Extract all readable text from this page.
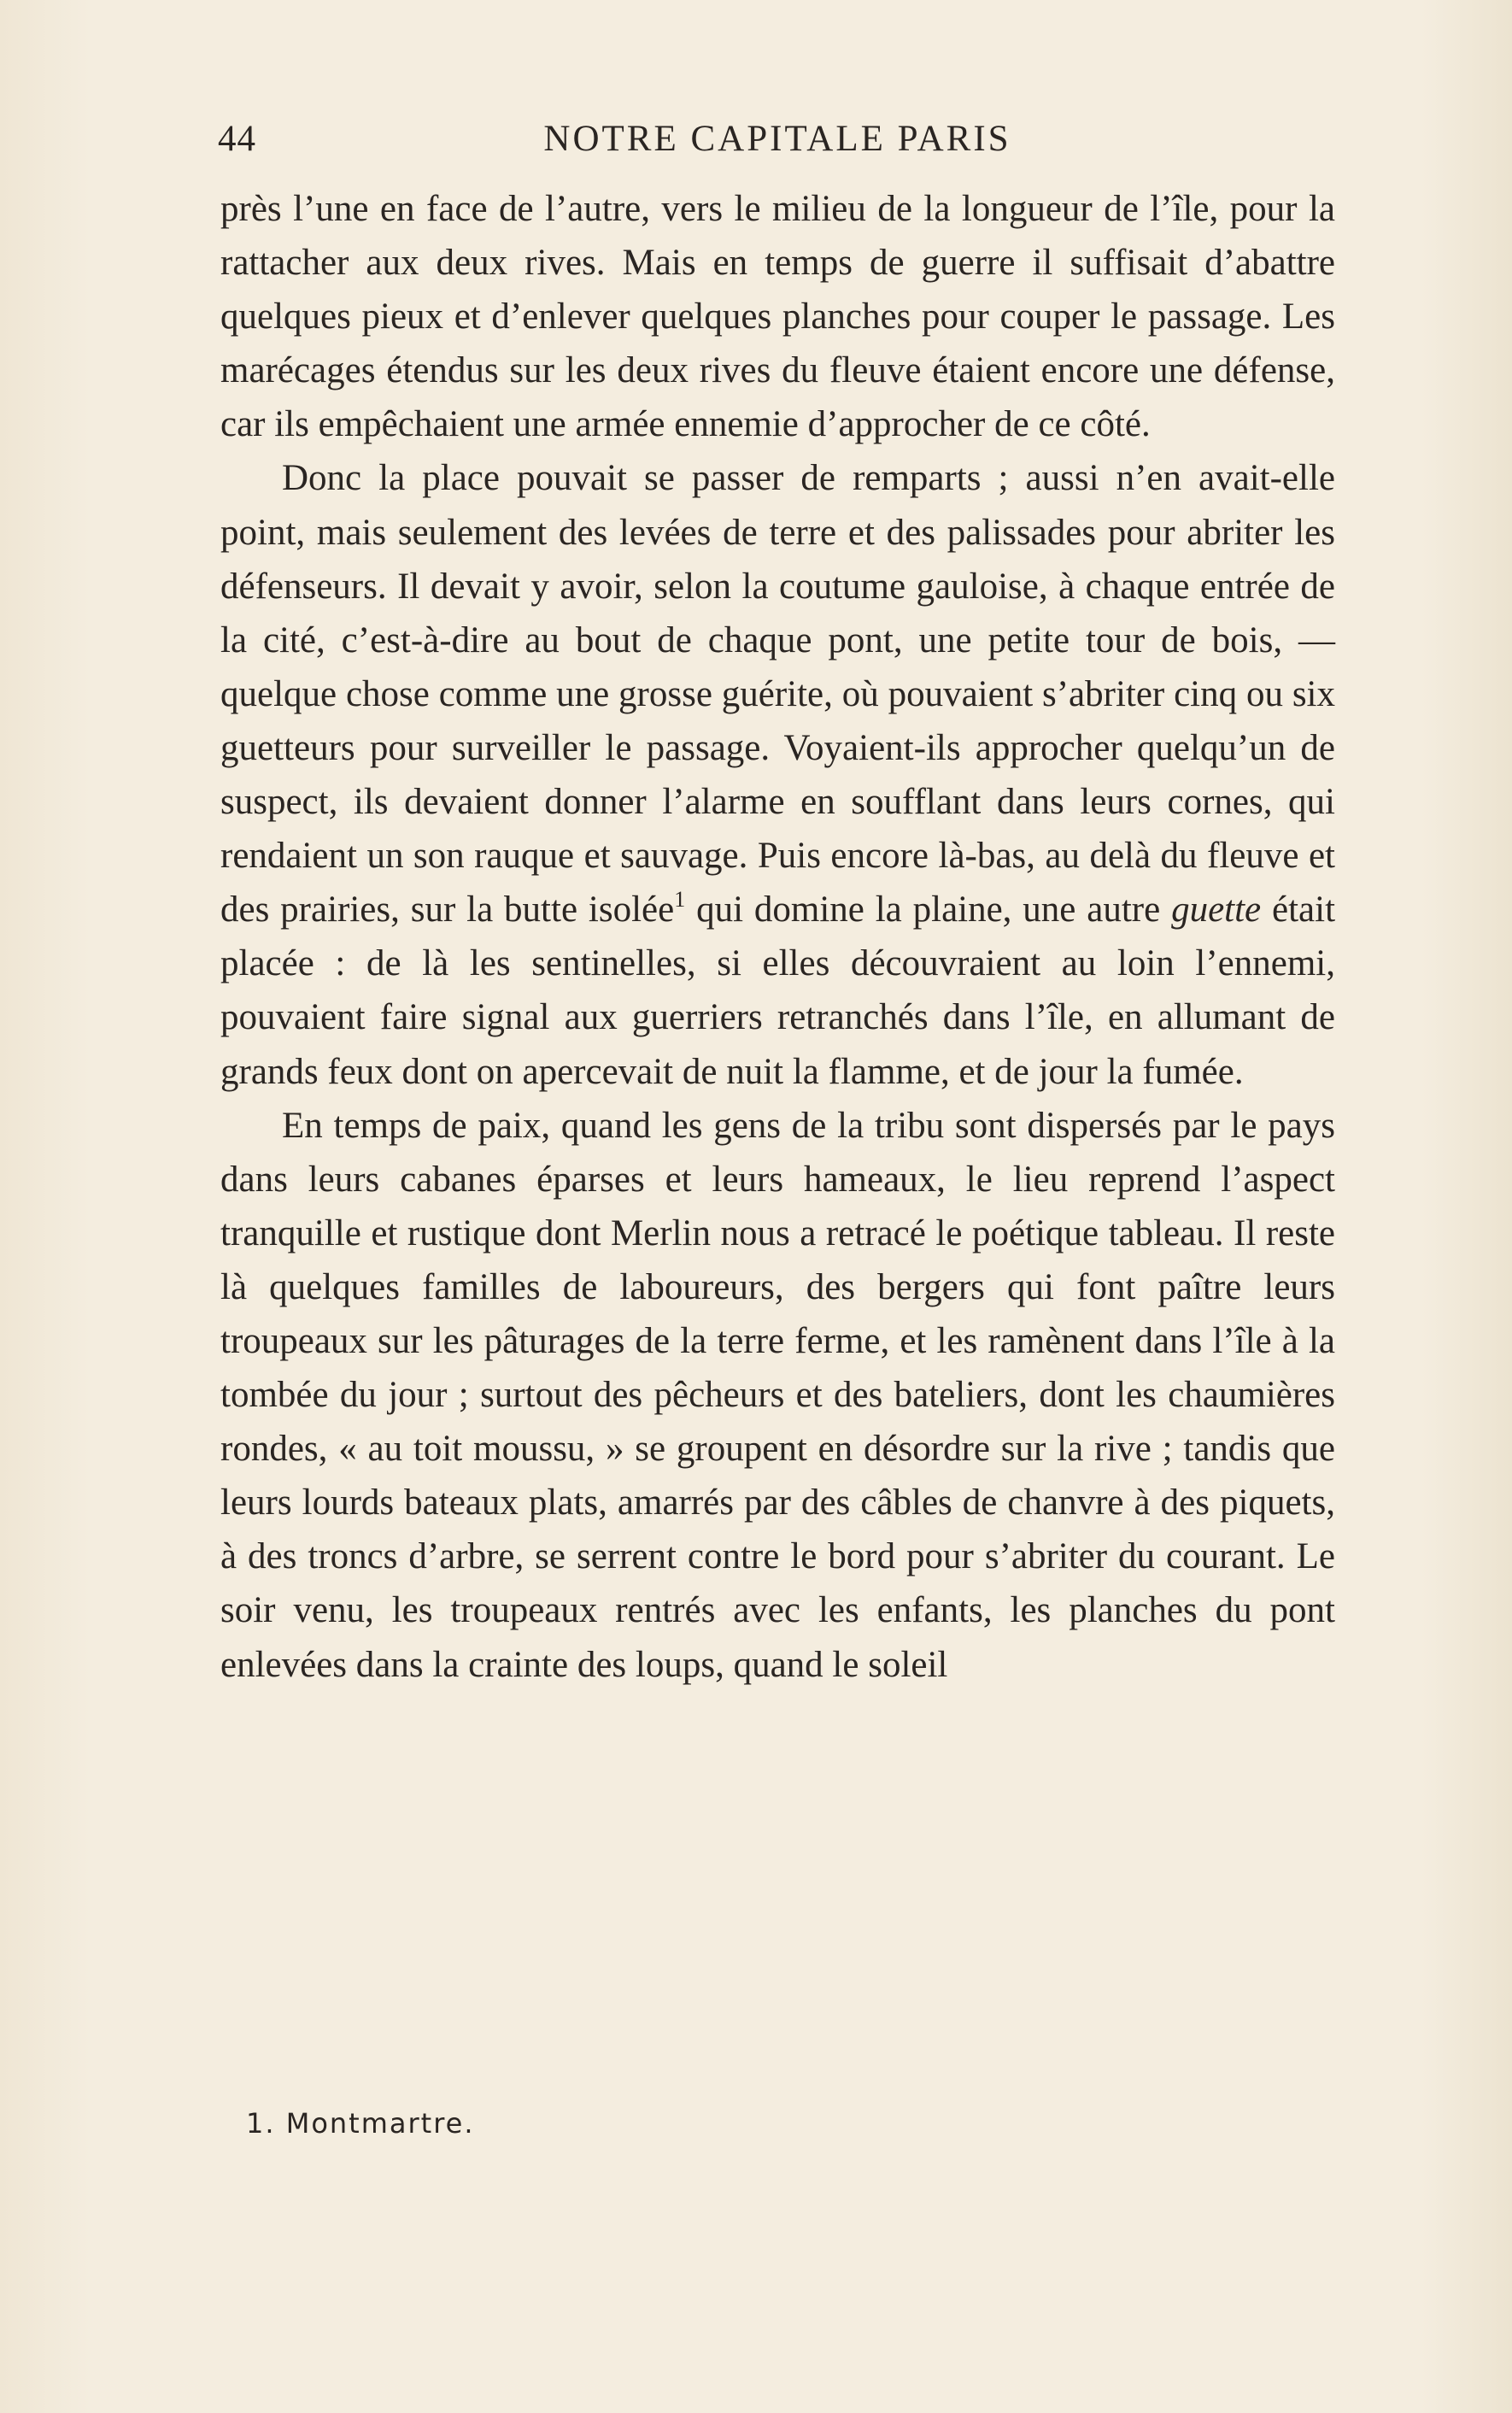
44	NOTRE CAPITALE PARIS

près l’une en face de l’autre, vers le milieu de la longueur de l’île, pour la rattacher aux deux rives. Mais en temps de guerre il suffisait d’abattre quelques pieux et d’enlever quelques planches pour couper le passage. Les marécages étendus sur les deux rives du fleuve étaient encore une défense, car ils empêchaient une armée ennemie d’approcher de ce côté.

Donc la place pouvait se passer de remparts ; aussi n’en avait-elle point, mais seulement des levées de terre et des palissades pour abriter les défenseurs. Il devait y avoir, selon la coutume gauloise, à chaque entrée de la cité, c’est-à-dire au bout de chaque pont, une petite tour de bois, — quelque chose comme une grosse guérite, où pouvaient s’abriter cinq ou six guetteurs pour surveiller le passage. Voyaient-ils approcher quelqu’un de suspect, ils devaient donner l’alarme en soufflant dans leurs cornes, qui rendaient un son rauque et sauvage. Puis encore là-bas, au delà du fleuve et des prairies, sur la butte isolée$^1$ qui domine la plaine, une autre guette était placée : de là les sentinelles, si elles découvraient au loin l’ennemi, pouvaient faire signal aux guerriers retranchés dans l’île, en allumant de grands feux dont on apercevait de nuit la flamme, et de jour la fumée.

En temps de paix, quand les gens de la tribu sont dispersés par le pays dans leurs cabanes éparses et leurs hameaux, le lieu reprend l’aspect tranquille et rustique dont Merlin nous a retracé le poétique tableau. Il reste là quelques familles de laboureurs, des bergers qui font paître leurs troupeaux sur les pâturages de la terre ferme, et les ramènent dans l’île à la tombée du jour ; surtout des pêcheurs et des bateliers, dont les chaumières rondes, « au toit moussu, » se groupent en désordre sur la rive ; tandis que leurs lourds bateaux plats, amarrés par des câbles de chanvre à des piquets, à des troncs d’arbre, se serrent contre le bord pour s’abriter du courant. Le soir venu, les troupeaux rentrés avec les enfants, les planches du pont enlevées dans la crainte des loups, quand le soleil

1. Montmartre.
